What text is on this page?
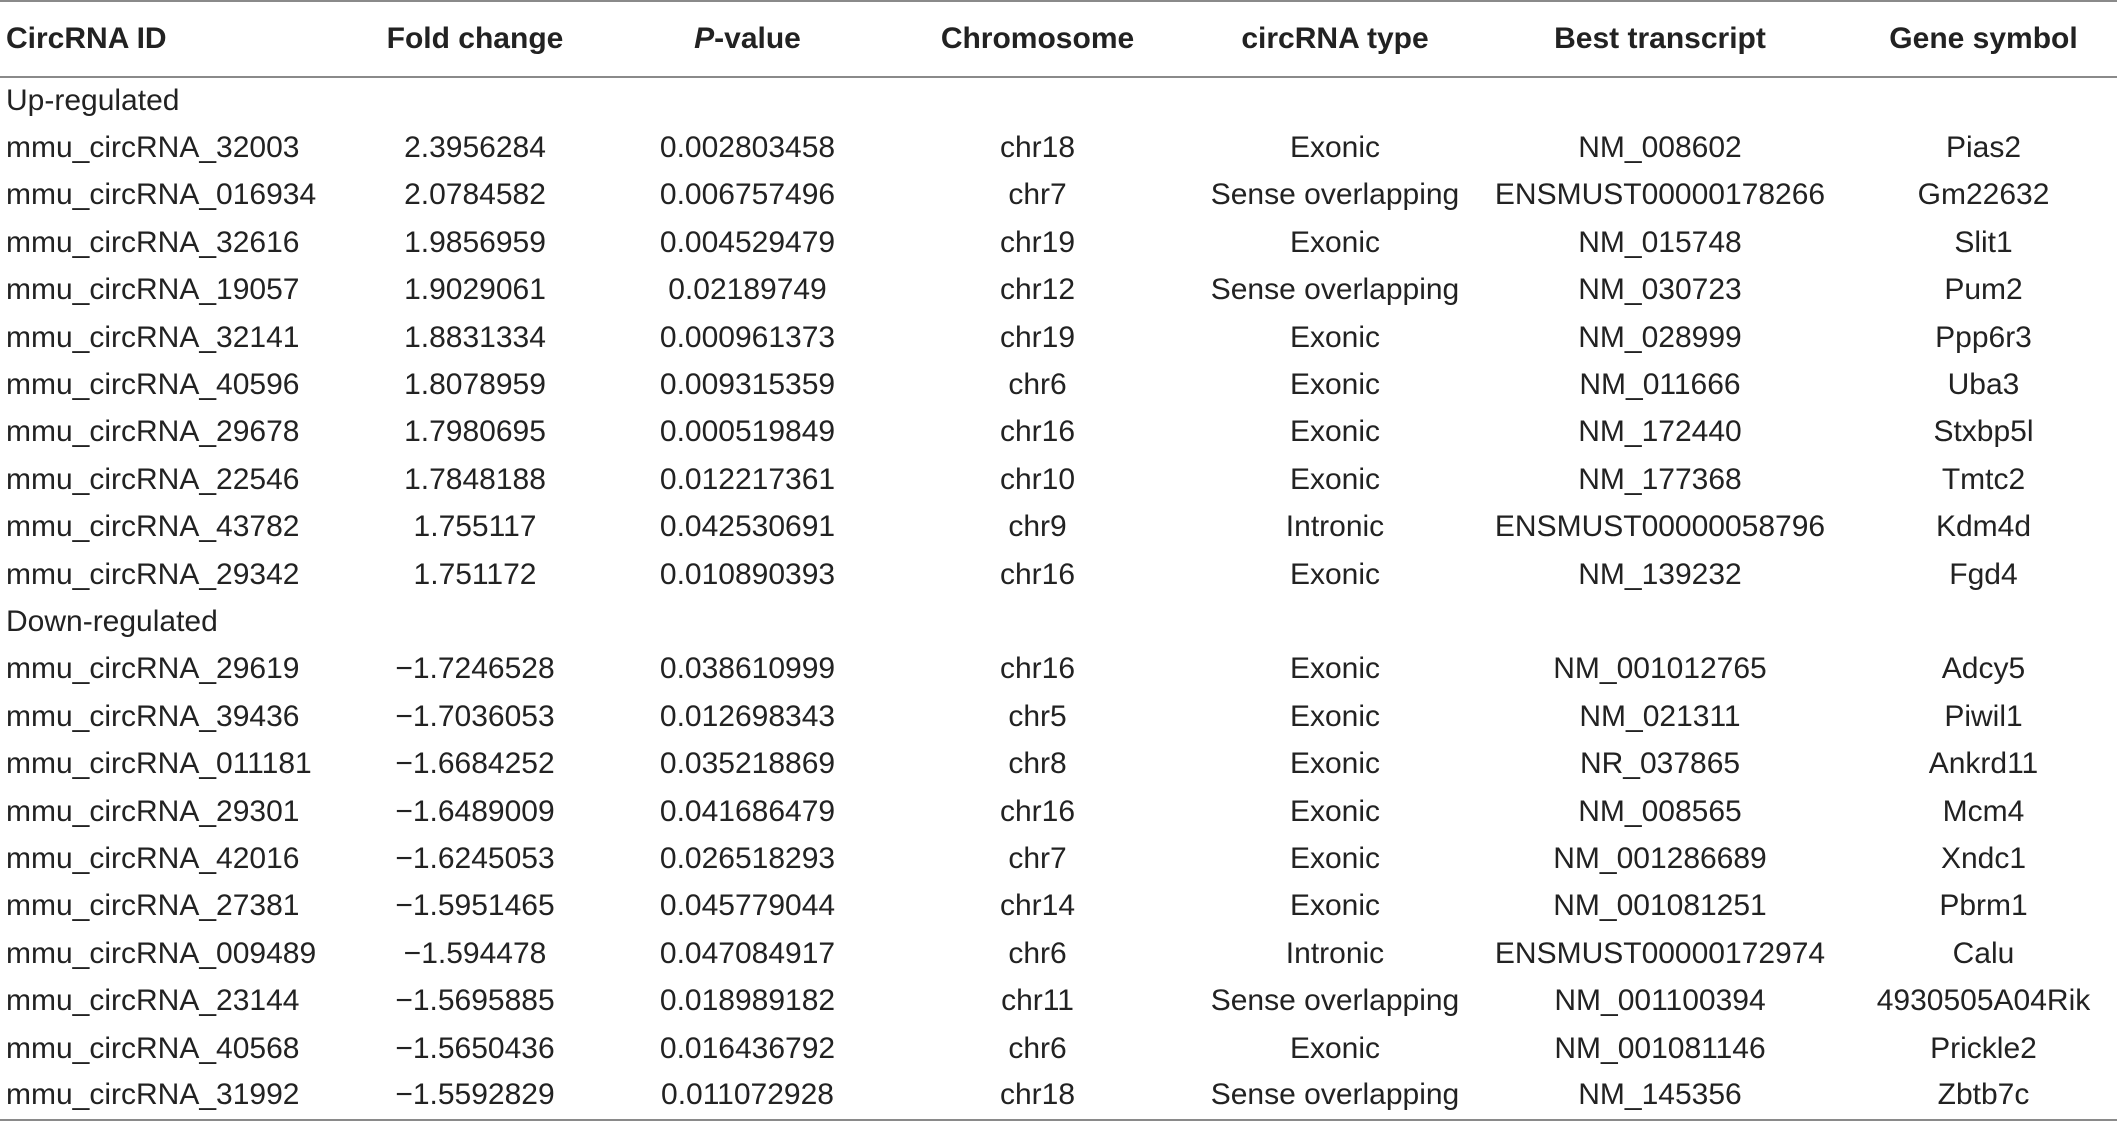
CircRNA ID	Fold change	P-value	Chromosome	circRNA type	Best transcript	Gene symbol
Up-regulated						
mmu_circRNA_32003	2.3956284	0.002803458	chr18	Exonic	NM_008602	Pias2
mmu_circRNA_016934	2.0784582	0.006757496	chr7	Sense overlapping	ENSMUST00000178266	Gm22632
mmu_circRNA_32616	1.9856959	0.004529479	chr19	Exonic	NM_015748	Slit1
mmu_circRNA_19057	1.9029061	0.02189749	chr12	Sense overlapping	NM_030723	Pum2
mmu_circRNA_32141	1.8831334	0.000961373	chr19	Exonic	NM_028999	Ppp6r3
mmu_circRNA_40596	1.8078959	0.009315359	chr6	Exonic	NM_011666	Uba3
mmu_circRNA_29678	1.7980695	0.000519849	chr16	Exonic	NM_172440	Stxbp5l
mmu_circRNA_22546	1.7848188	0.012217361	chr10	Exonic	NM_177368	Tmtc2
mmu_circRNA_43782	1.755117	0.042530691	chr9	Intronic	ENSMUST00000058796	Kdm4d
mmu_circRNA_29342	1.751172	0.010890393	chr16	Exonic	NM_139232	Fgd4
Down-regulated						
mmu_circRNA_29619	−1.7246528	0.038610999	chr16	Exonic	NM_001012765	Adcy5
mmu_circRNA_39436	−1.7036053	0.012698343	chr5	Exonic	NM_021311	Piwil1
mmu_circRNA_011181	−1.6684252	0.035218869	chr8	Exonic	NR_037865	Ankrd11
mmu_circRNA_29301	−1.6489009	0.041686479	chr16	Exonic	NM_008565	Mcm4
mmu_circRNA_42016	−1.6245053	0.026518293	chr7	Exonic	NM_001286689	Xndc1
mmu_circRNA_27381	−1.5951465	0.045779044	chr14	Exonic	NM_001081251	Pbrm1
mmu_circRNA_009489	−1.594478	0.047084917	chr6	Intronic	ENSMUST00000172974	Calu
mmu_circRNA_23144	−1.5695885	0.018989182	chr11	Sense overlapping	NM_001100394	4930505A04Rik
mmu_circRNA_40568	−1.5650436	0.016436792	chr6	Exonic	NM_001081146	Prickle2
mmu_circRNA_31992	−1.5592829	0.011072928	chr18	Sense overlapping	NM_145356	Zbtb7c
